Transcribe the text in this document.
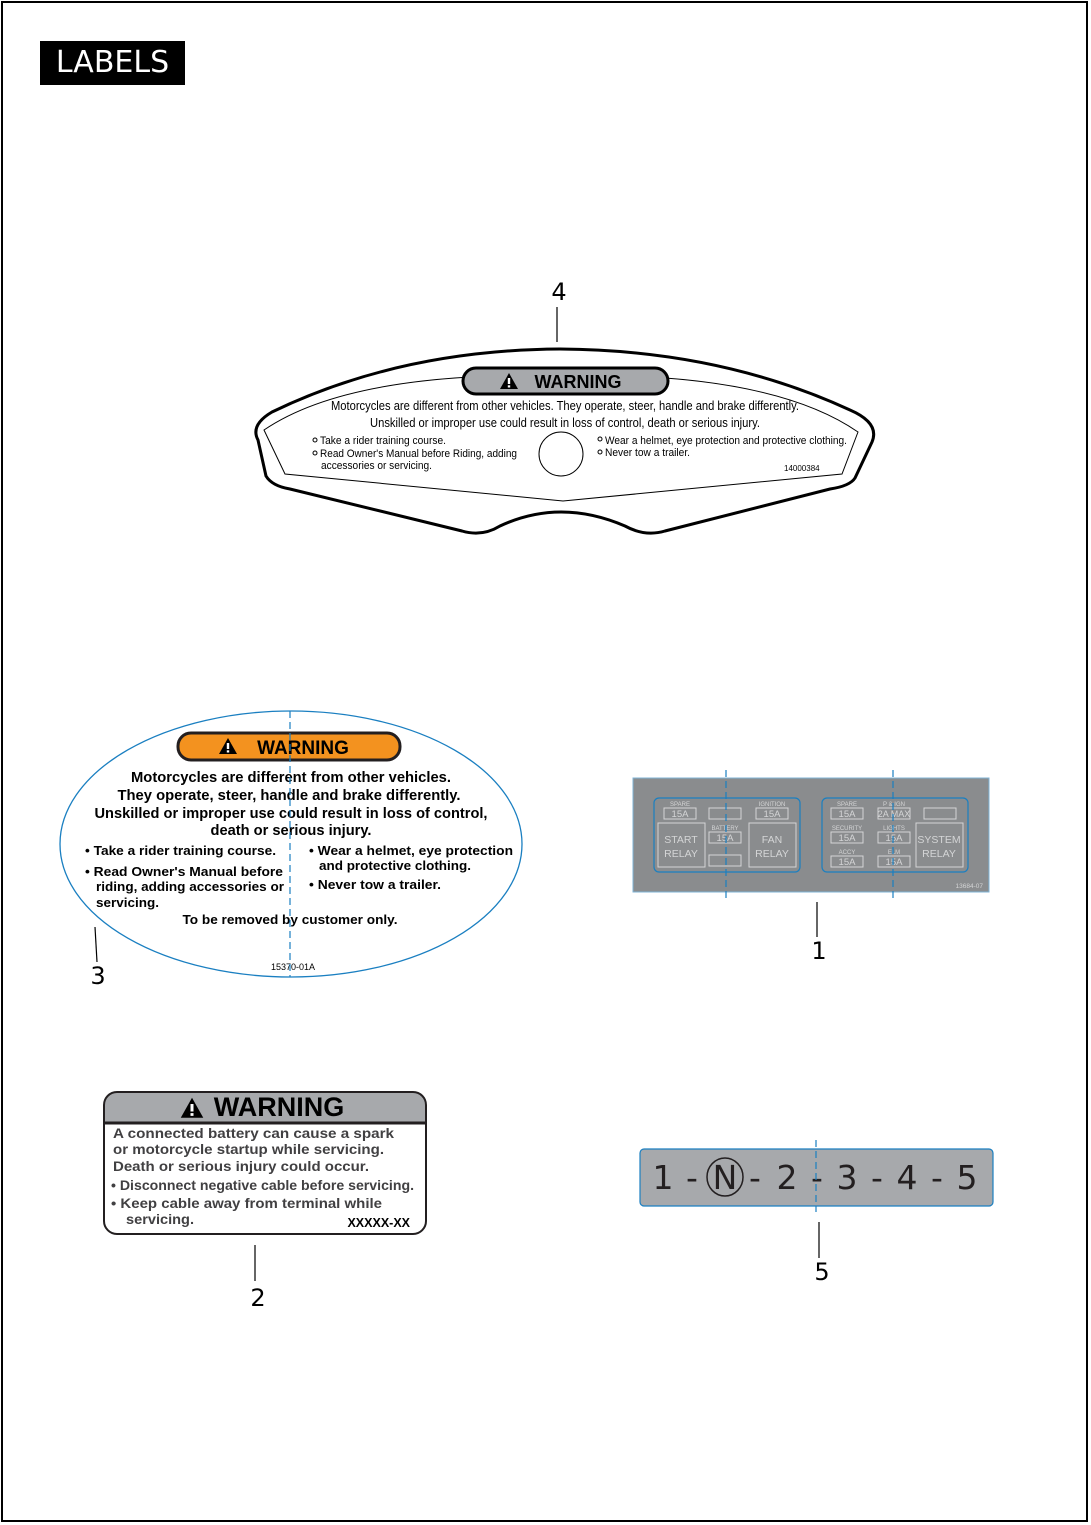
LABELS
4
WARNING
Motorcycles are different from other vehicles. They operate, steer, handle and brake differently.
Unskilled or improper use could result in loss of control, death or serious injury.
Take a rider training course.
Read Owner's Manual before Riding, adding
accessories or servicing.
Wear a helmet, eye protection and protective clothing.
Never tow a trailer.
14000384
WARNING
Motorcycles are different from other vehicles.
They operate, steer, handle and brake differently.
Unskilled or improper use could result in loss of control,
death or serious injury.
• Take a rider training course.
• Read Owner's Manual before
riding, adding accessories or
servicing.
• Wear a helmet, eye protection
and protective clothing.
• Never tow a trailer.
To be removed by customer only.
15370-01A
3
SPARE
15A
IGNITION
15A
BATTERY
15A
START
RELAY
FAN
RELAY
SPARE
15A
P & IGN
2A MAX
SECURITY
15A
LIGHTS
15A
ACCY
15A
ELM
15A
SYSTEM
RELAY
13684-07
1
WARNING
A connected battery can cause a spark
or motorcycle startup while servicing.
Death or serious injury could occur.
• Disconnect negative cable before servicing.
• Keep cable away from terminal while
servicing.	XXXXX-XX
2
1 - N - 2 - 3 - 4 - 5
5
